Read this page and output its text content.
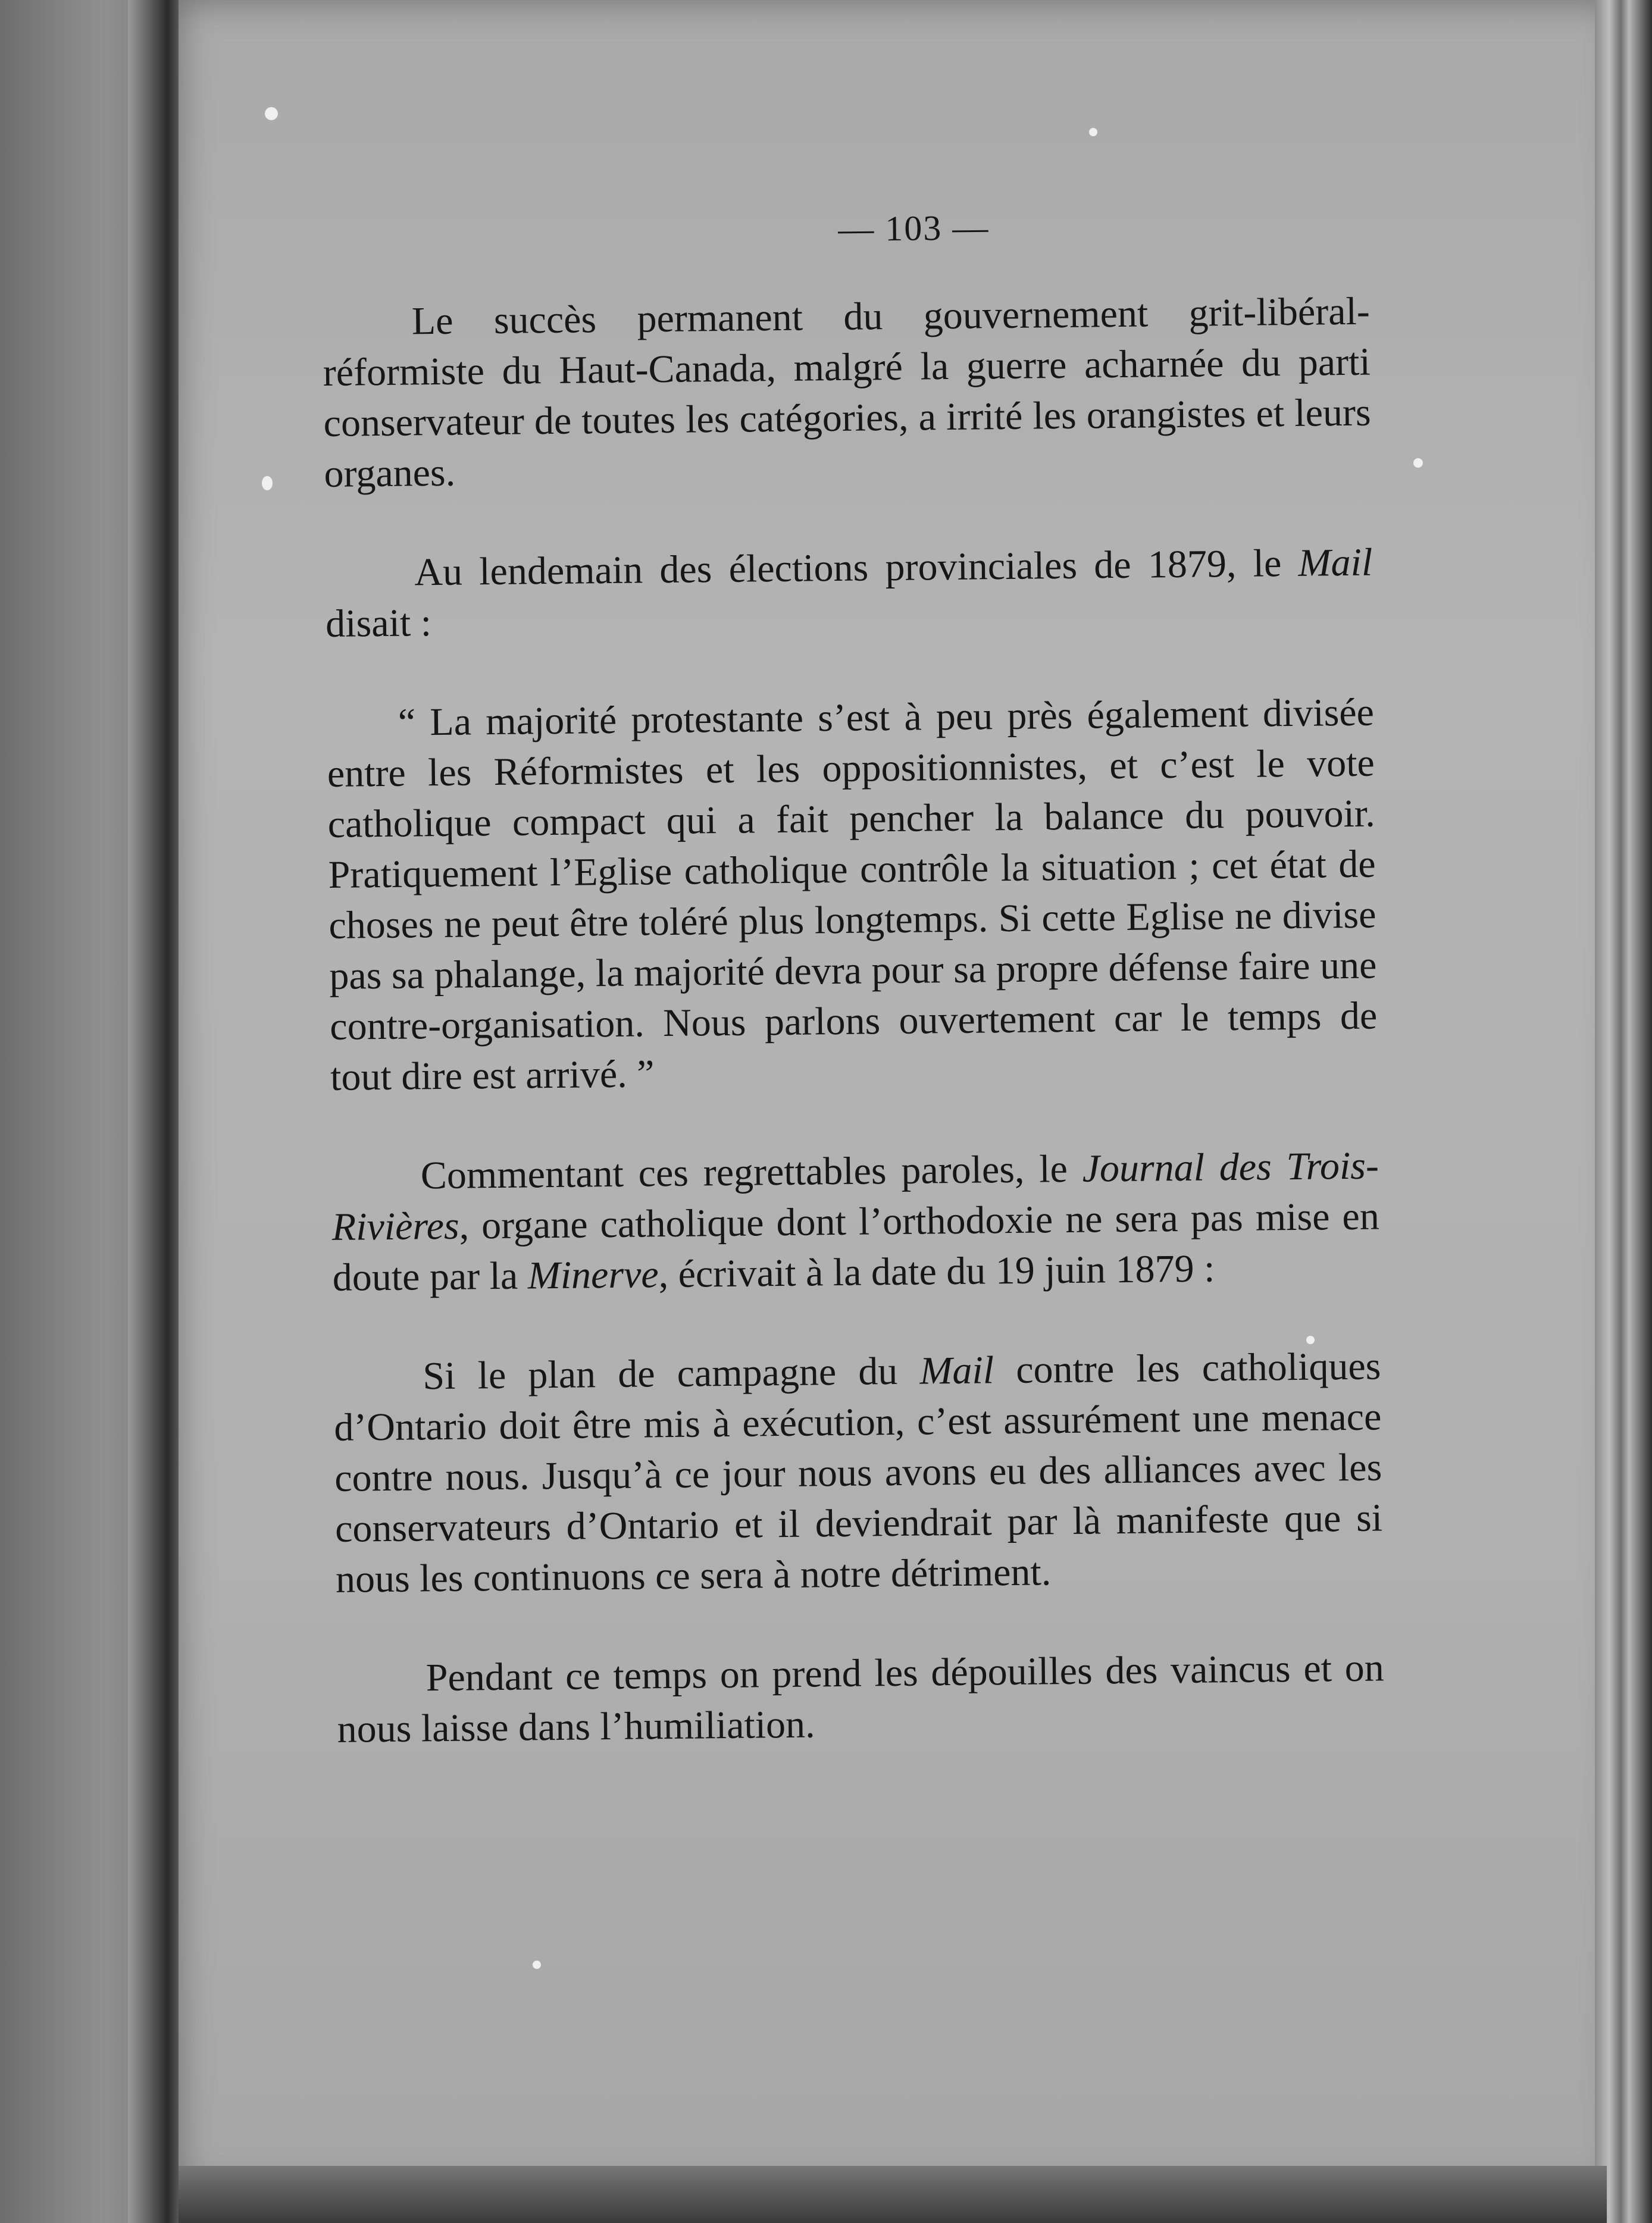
— 103 —

Le succès permanent du gouvernement grit-libéral-réformiste du Haut-Canada, malgré la guerre acharnée du parti conservateur de toutes les catégories, a irrité les orangistes et leurs organes.

Au lendemain des élections provinciales de 1879, le Mail disait :

“ La majorité protestante s’est à peu près également divisée entre les Réformistes et les oppositionnistes, et c’est le vote catholique compact qui a fait pencher la balance du pouvoir. Pratiquement l’Eglise catholique contrôle la situation ; cet état de choses ne peut être toléré plus longtemps. Si cette Eglise ne divise pas sa phalange, la majorité devra pour sa propre défense faire une contre-organisation. Nous parlons ouvertement car le temps de tout dire est arrivé. ”

Commentant ces regrettables paroles, le Journal des Trois-Rivières, organe catholique dont l’orthodoxie ne sera pas mise en doute par la Minerve, écrivait à la date du 19 juin 1879 :

Si le plan de campagne du Mail contre les catholiques d’Ontario doit être mis à exécution, c’est assurément une menace contre nous. Jusqu’à ce jour nous avons eu des alliances avec les conservateurs d’Ontario et il deviendrait par là manifeste que si nous les continuons ce sera à notre détriment.

Pendant ce temps on prend les dépouilles des vaincus et on nous laisse dans l’humiliation.
